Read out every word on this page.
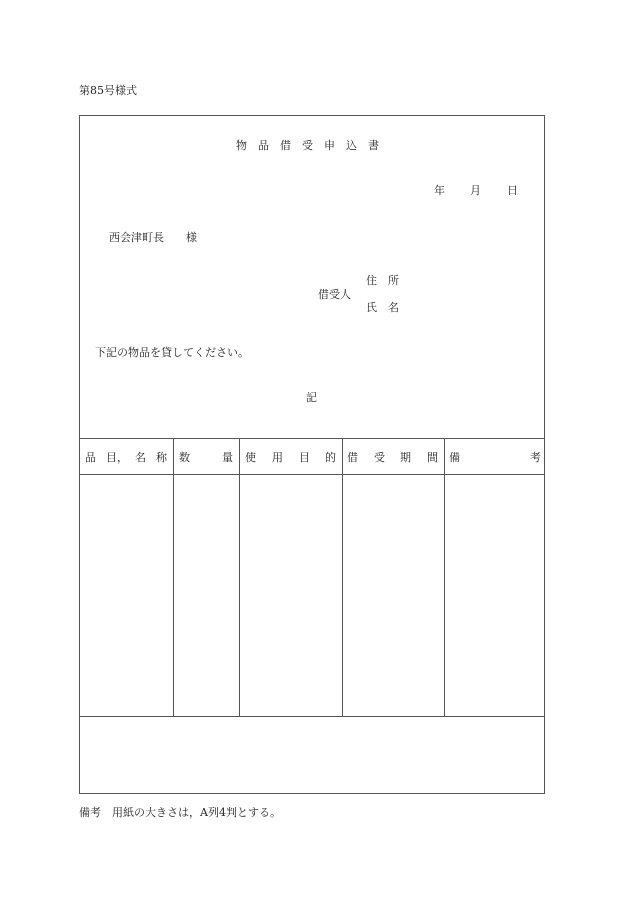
第85号様式
物品借受申込書
年 月 日
西会津町長 様
借受人
住所
氏名
下記の物品を貸してください。
記
品 目， 名 称 数	量 使 用 目 的 借 受 期 間 備	考
備考　用紙の大きさは，A列4判とする。
